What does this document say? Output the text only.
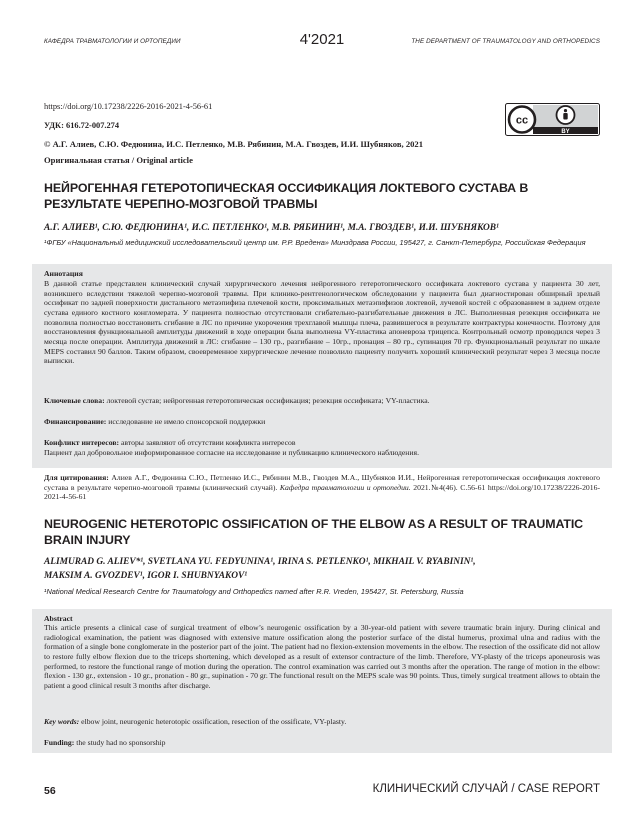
КАФЕДРА ТРАВМАТОЛОГИИ И ОРТОПЕДИИ	4'2021	THE DEPARTMENT OF TRAUMATOLOGY AND ORTHOPEDICS
https://doi.org/10.17238/2226-2016-2021-4-56-61
УДК: 616.72-007.274
© А.Г. Алиев, С.Ю. Федюнина, И.С. Петленко, М.В. Рябинин, М.А. Гвоздев, И.И. Шубняков, 2021
Оригинальная статья / Original article
cc
BY
НЕЙРОГЕННАЯ ГЕТЕРОТОПИЧЕСКАЯ ОССИФИКАЦИЯ ЛОКТЕВОГО СУСТАВА В РЕЗУЛЬТАТЕ ЧЕРЕПНО-МОЗГОВОЙ ТРАВМЫ
А.Г. АЛИЕВ¹, С.Ю. ФЕДЮНИНА¹, И.С. ПЕТЛЕНКО¹, М.В. РЯБИНИН¹, М.А. ГВОЗДЕВ¹, И.И. ШУБНЯКОВ¹
¹ФГБУ «Национальный медицинский исследовательский центр им. Р.Р. Вредена» Минздрава России, 195427, г. Санкт-Петербург, Российская Федерация
Аннотация
В данной статье представлен клинический случай хирургического лечения нейрогенного гетеротопического оссификата локтевого сустава у пациента 30 лет, возникшего вследствии тяжелой черепно-мозговой травмы. При клинико-рентгенологическом обследовании у пациента был диагностирован обширный зрелый оссификат по задней поверхности дистального метаэпифиза плечевой кости, проксимальных метаэпифизов локтевой, лучевой костей с образованием в заднем отделе сустава единого костного конгломерата. У пациента полностью отсутствовали сгибательно-разгибательные движения в ЛС. Выполненная резекция оссификата не позволила полностью восстановить сгибание в ЛС по причине укорочения трехглавой мышцы плеча, развившегося в результате контрактуры конечности. Поэтому для восстановления функциональной амплитуды движений в ходе операции была выполнена VY-пластика апоневроза трицепса. Контрольный осмотр проводился через 3 месяца после операции. Амплитуда движений в ЛС: сгибание – 130 гр., разгибание – 10гр., пронация – 80 гр., супинация 70 гр. Функциональный результат по шкале MEPS составил 90 баллов. Таким образом, своевременное хирургическое лечение позволило пациенту получить хороший клинический результат через 3 месяца после выписки.
Ключевые слова: локтевой сустав; нейрогенная гетеротопическая оссификация; резекция оссификата; VY-пластика.
Финансирование: исследование не имело спонсорской поддержки
Конфликт интересов: авторы заявляют об отсутствии конфликта интересов
Пациент дал добровольное информированное согласие на исследование и публикацию клинического наблюдения.
Для цитирования: Алиев А.Г., Федюнина С.Ю., Петленко И.С., Рябинин М.В., Гвоздев М.А., Шубняков И.И., Нейрогенная гетеротопическая оссификация локтевого сустава в результате черепно-мозговой травмы (клинический случай). Кафедра травматологии и ортопедии. 2021.№4(46). С.56-61 https://doi.org/10.17238/2226-2016-2021-4-56-61
NEUROGENIC HETEROTOPIC OSSIFICATION OF THE ELBOW AS A RESULT OF TRAUMATIC BRAIN INJURY
ALIMURAD G. ALIEV*¹, SVETLANA YU. FEDYUNINA¹, IRINA S. PETLENKO¹, MIKHAIL V. RYABININ¹,
MAKSIM A. GVOZDEV¹, IGOR I. SHUBNYAKOV¹
¹National Medical Research Centre for Traumatology and Orthopedics named after R.R. Vreden, 195427, St. Petersburg, Russia
Abstract
This article presents a clinical case of surgical treatment of elbow’s neurogenic ossification by a 30-year-old patient with severe traumatic brain injury. During clinical and radiological examination, the patient was diagnosed with extensive mature ossification along the posterior surface of the distal humerus, proximal ulna and radius with the formation of a single bone conglomerate in the posterior part of the joint. The patient had no flexion-extension movements in the elbow. The resection of the ossificate did not allow to restore fully elbow flexion due to the triceps shortening, which developed as a result of extensor contracture of the limb. Therefore, VY-plasty of the triceps aponeurosis was performed, to restore the functional range of motion during the operation. The control examination was carried out 3 months after the operation. The range of motion in the elbow: flexion - 130 gr., extension - 10 gr., pronation - 80 gr., supination - 70 gr. The functional result on the MEPS scale was 90 points. Thus, timely surgical treatment allows to obtain the patient a good clinical result 3 months after discharge.
Key words: elbow joint, neurogenic heterotopic ossification, resection of the ossificate, VY-plasty.
Funding: the study had no sponsorship
56	КЛИНИЧЕСКИЙ СЛУЧАЙ / CASE REPORT
